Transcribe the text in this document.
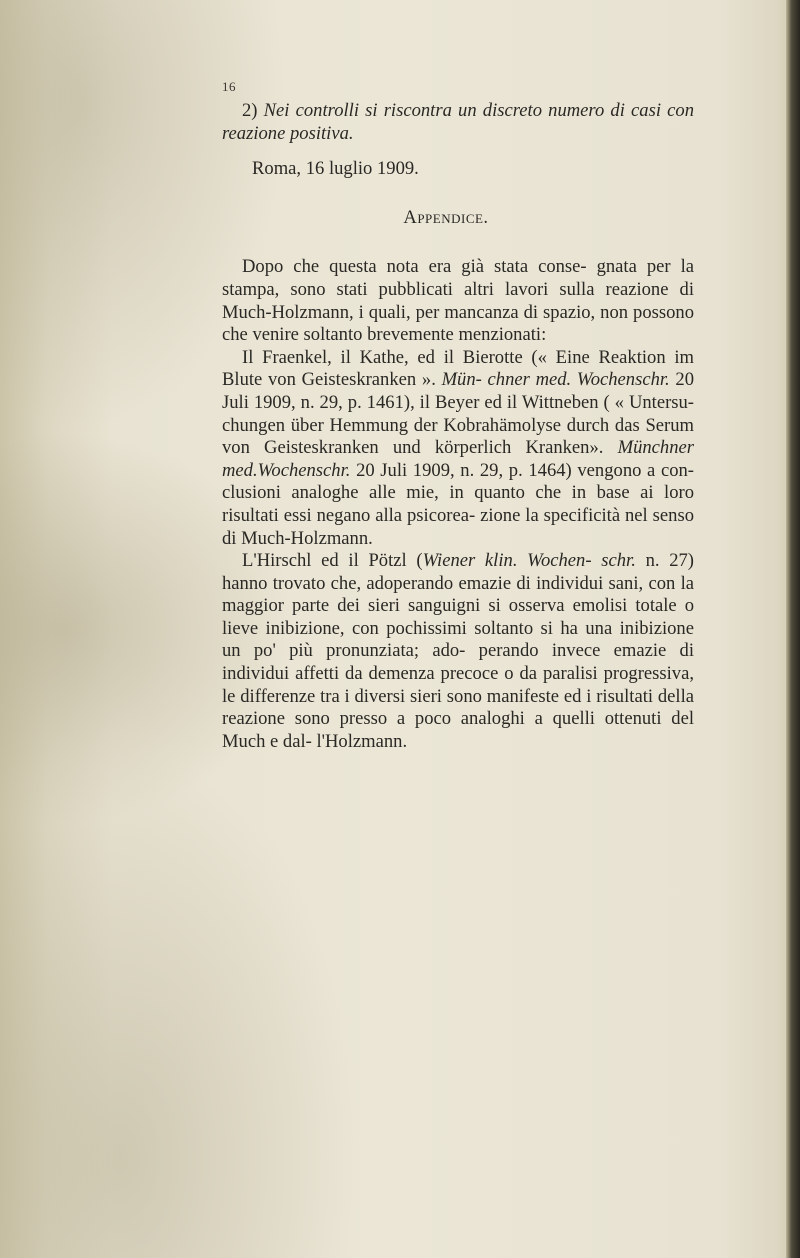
16

2) Nei controlli si riscontra un discreto numero di casi con reazione positiva.

Roma, 16 luglio 1909.

Appendice.

Dopo che questa nota era già stata conse- gnata per la stampa, sono stati pubblicati altri lavori sulla reazione di Much-Holzmann, i quali, per mancanza di spazio, non possono che venire soltanto brevemente menzionati:

Il Fraenkel, il Kathe, ed il Bierotte (« Eine Reaktion im Blute von Geisteskranken ». Mün- chner med. Wochenschr. 20 Juli 1909, n. 29, p. 1461), il Beyer ed il Wittneben ( « Untersu- chungen über Hemmung der Kobrahämolyse durch das Serum von Geisteskranken und körperlich Kranken». Münchner med.Wochenschr. 20 Juli 1909, n. 29, p. 1464) vengono a con- clusioni analoghe alle mie, in quanto che in base ai loro risultati essi negano alla psicorea- zione la specificità nel senso di Much-Holzmann.

L'Hirschl ed il Pötzl (Wiener klin. Wochen- schr. n. 27) hanno trovato che, adoperando emazie di individui sani, con la maggior parte dei sieri sanguigni si osserva emolisi totale o lieve inibizione, con pochissimi soltanto si ha una inibizione un po' più pronunziata; ado- perando invece emazie di individui affetti da demenza precoce o da paralisi progressiva, le differenze tra i diversi sieri sono manifeste ed i risultati della reazione sono presso a poco analoghi a quelli ottenuti del Much e dal- l'Holzmann.
